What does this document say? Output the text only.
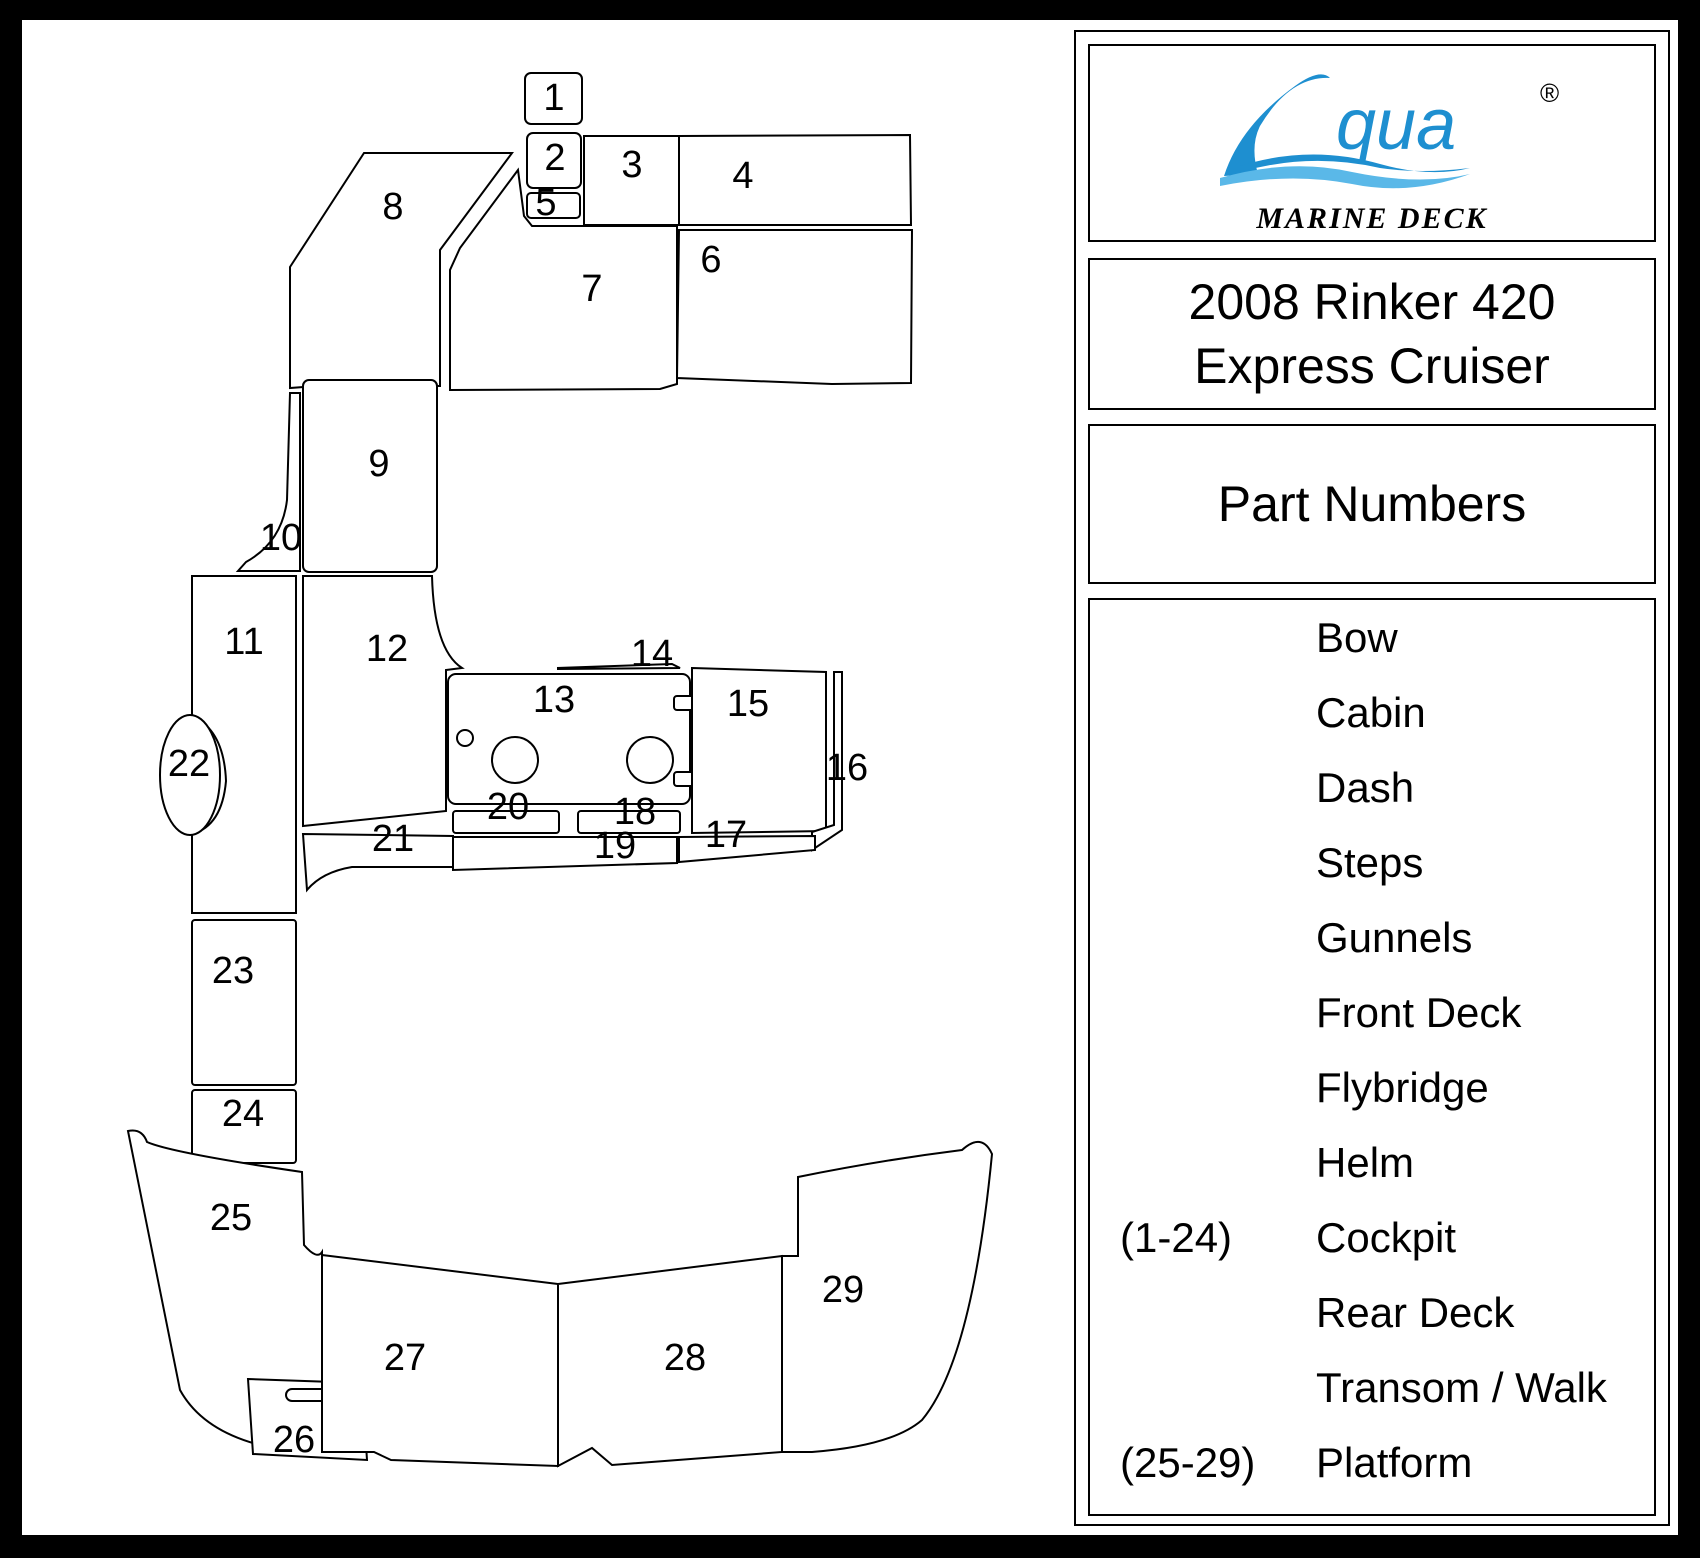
1
2 3 4
5
6
7
8
9
10
11	12
13
14
15
16
17
18
19
20
21
22
23
24
25
26
27	28
29
qua	®
MARINE DECK
2008 Rinker 420
Express Cruiser
Part Numbers
Bow
Cabin
Dash
Steps
Gunnels
Front Deck
Flybridge
Helm
(1-24) Cockpit
Rear Deck
Transom / Walk
(25-29) Platform
